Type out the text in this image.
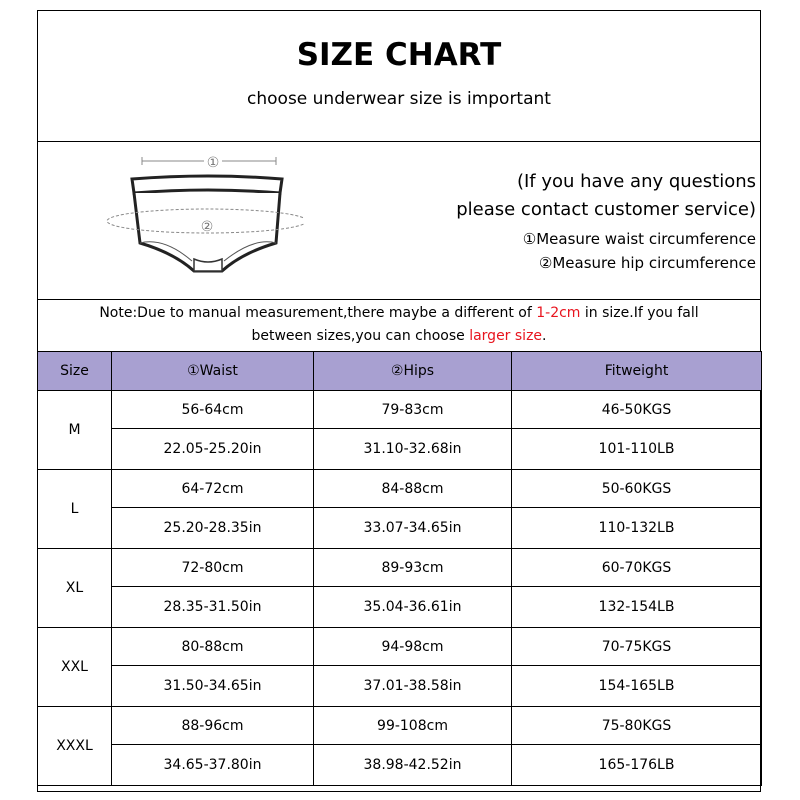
SIZE CHART
choose underwear size is important
①
②
(If you have any questions
please contact customer service)
①Measure waist circumference
②Measure hip circumference
Note:Due to manual measurement,there maybe a different of 1-2cm in size.If you fall
between sizes,you can choose larger size.
Size	①Waist	②Hips	Fitweight
M	56-64cm	79-83cm	46-50KGS
	22.05-25.20in	31.10-32.68in	101-110LB
L	64-72cm	84-88cm	50-60KGS
	25.20-28.35in	33.07-34.65in	110-132LB
XL	72-80cm	89-93cm	60-70KGS
	28.35-31.50in	35.04-36.61in	132-154LB
XXL	80-88cm	94-98cm	70-75KGS
	31.50-34.65in	37.01-38.58in	154-165LB
XXXL	88-96cm	99-108cm	75-80KGS
	34.65-37.80in	38.98-42.52in	165-176LB
